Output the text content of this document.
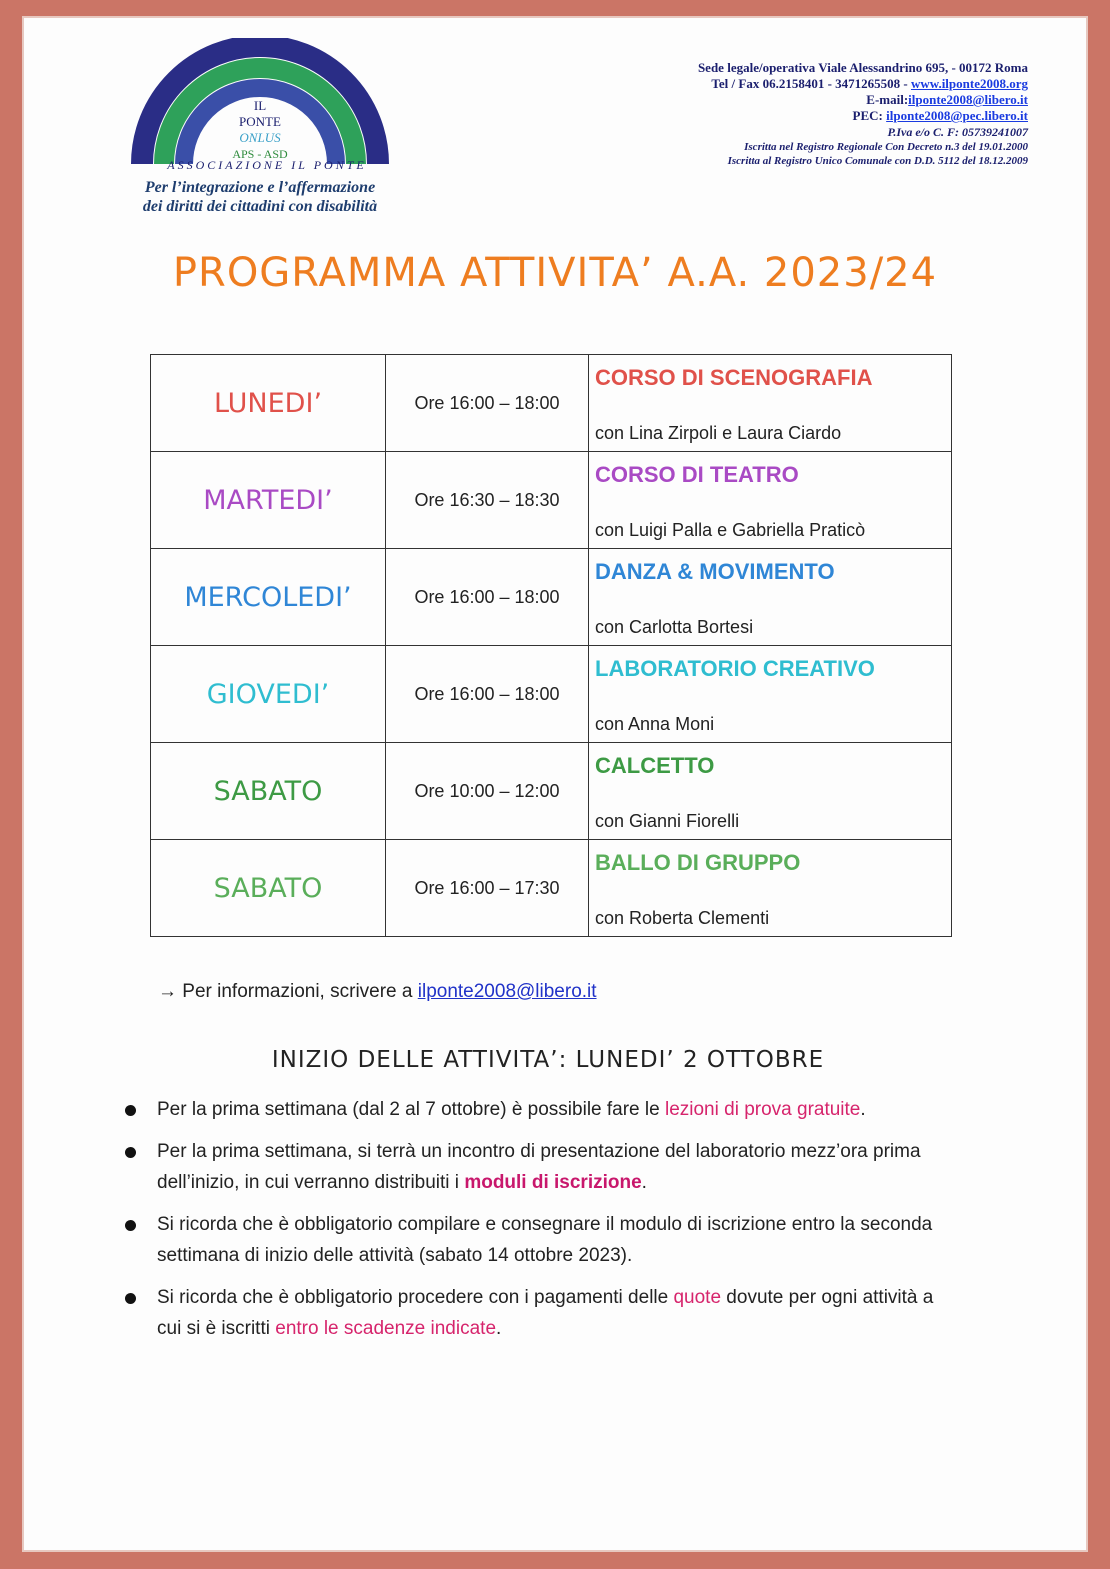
IL
PONTE
ONLUS
APS - ASD
ASSOCIAZIONE IL PONTE
Per l’integrazione e l’affermazione
dei diritti dei cittadini con disabilità
Sede legale/operativa Viale Alessandrino 695, - 00172 Roma
Tel / Fax 06.2158401 - 3471265508 - www.ilponte2008.org
E-mail:ilponte2008@libero.it
PEC: ilponte2008@pec.libero.it
P.Iva e/o C. F: 05739241007
Iscritta nel Registro Regionale Con Decreto n.3 del 19.01.2000
Iscritta al Registro Unico Comunale con D.D. 5112 del 18.12.2009
PROGRAMMA ATTIVITA’ A.A. 2023/24
LUNEDI’	Ore 16:00 – 18:00	CORSO DI SCENOGRAFIA
con Lina Zirpoli e Laura Ciardo

MARTEDI’	Ore 16:30 – 18:30	CORSO DI TEATRO
con Luigi Palla e Gabriella Praticò

MERCOLEDI’	Ore 16:00 – 18:00	DANZA & MOVIMENTO
con Carlotta Bortesi

GIOVEDI’	Ore 16:00 – 18:00	LABORATORIO CREATIVO
con Anna Moni

SABATO	Ore 10:00 – 12:00	CALCETTO
con Gianni Fiorelli

SABATO	Ore 16:00 – 17:30	BALLO DI GRUPPO
con Roberta Clementi
→ Per informazioni, scrivere a ilponte2008@libero.it
INIZIO DELLE ATTIVITA’: LUNEDI’ 2 OTTOBRE
Per la prima settimana (dal 2 al 7 ottobre) è possibile fare le lezioni di prova gratuite.
Per la prima settimana, si terrà un incontro di presentazione del laboratorio mezz’ora prima dell’inizio, in cui verranno distribuiti i moduli di iscrizione.
Si ricorda che è obbligatorio compilare e consegnare il modulo di iscrizione entro la seconda settimana di inizio delle attività (sabato 14 ottobre 2023).
Si ricorda che è obbligatorio procedere con i pagamenti delle quote dovute per ogni attività a cui si è iscritti entro le scadenze indicate.
